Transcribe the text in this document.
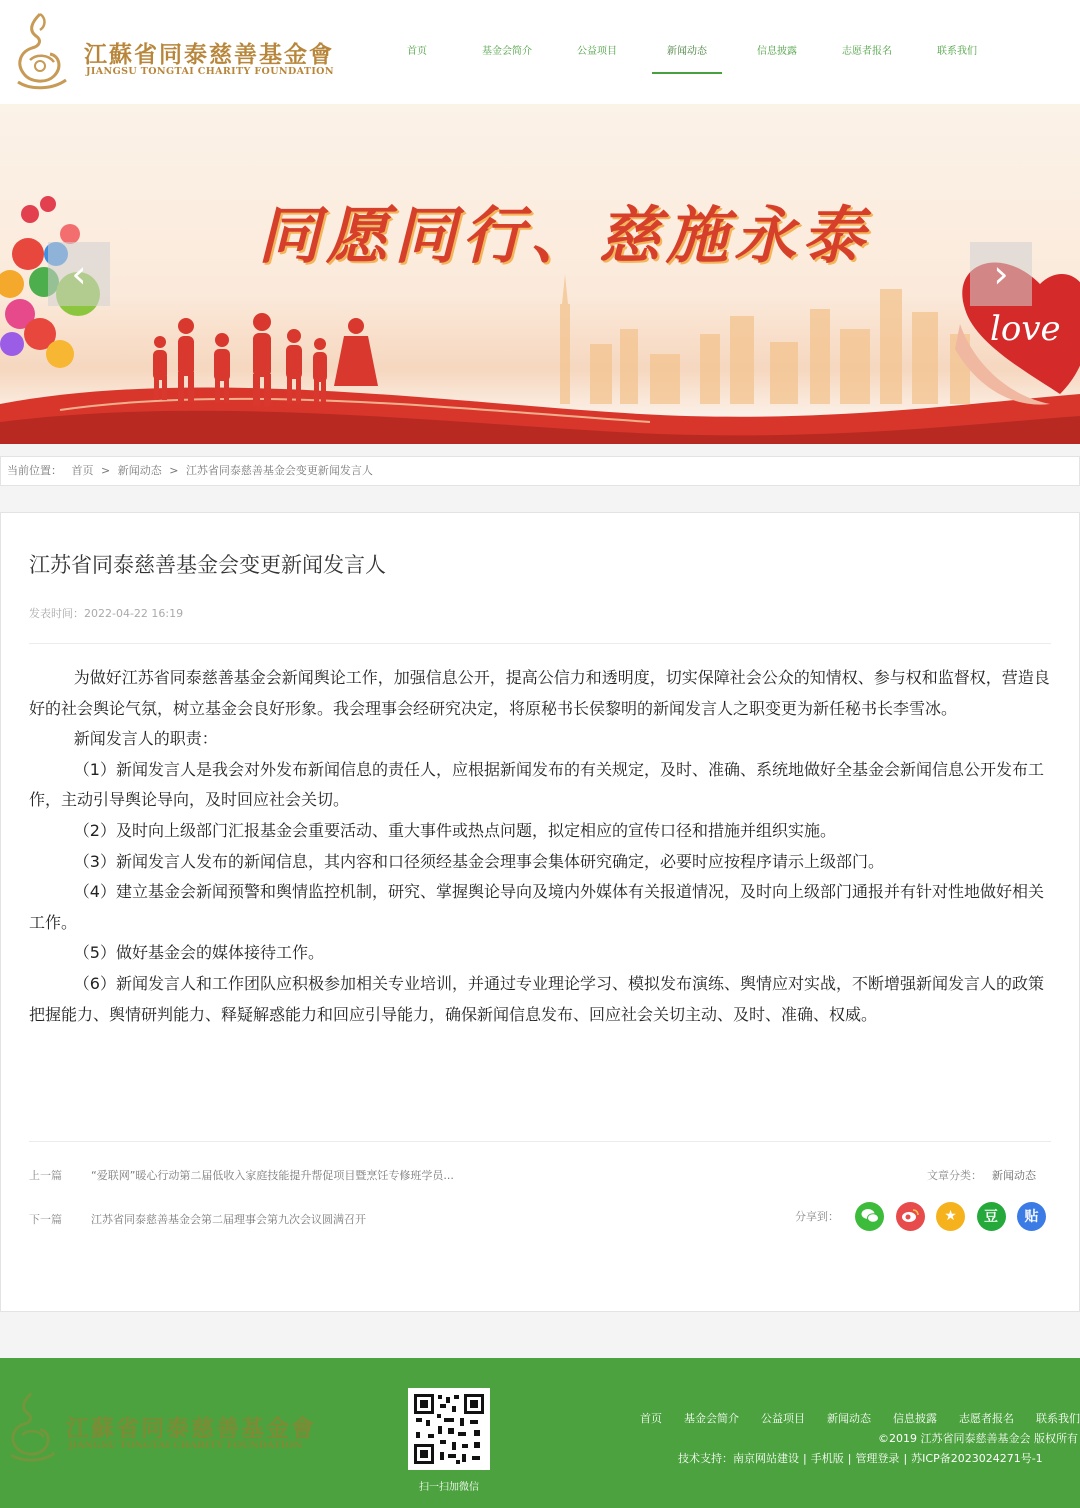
江蘇省同泰慈善基金會
JIANGSU TONGTAI CHARITY FOUNDATION
首页	基金会简介	公益项目	新闻动态	信息披露	志愿者报名	联系我们
同愿同行、慈施永泰
love
‹	›
当前位置： 首页 > 新闻动态 > 江苏省同泰慈善基金会变更新闻发言人
江苏省同泰慈善基金会变更新闻发言人
发表时间：2022-04-22 16:19

为做好江苏省同泰慈善基金会新闻舆论工作，加强信息公开，提高公信力和透明度，切实保障社会公众的知情权、参与权和监督权，营造良好的社会舆论气氛，树立基金会良好形象。我会理事会经研究决定，将原秘书长侯黎明的新闻发言人之职变更为新任秘书长李雪冰。

新闻发言人的职责：

（1）新闻发言人是我会对外发布新闻信息的责任人，应根据新闻发布的有关规定，及时、准确、系统地做好全基金会新闻信息公开发布工作，主动引导舆论导向，及时回应社会关切。

（2）及时向上级部门汇报基金会重要活动、重大事件或热点问题，拟定相应的宣传口径和措施并组织实施。

（3）新闻发言人发布的新闻信息，其内容和口径须经基金会理事会集体研究确定，必要时应按程序请示上级部门。

（4）建立基金会新闻预警和舆情监控机制，研究、掌握舆论导向及境内外媒体有关报道情况，及时向上级部门通报并有针对性地做好相关工作。

（5）做好基金会的媒体接待工作。

（6）新闻发言人和工作团队应积极参加相关专业培训，并通过专业理论学习、模拟发布演练、舆情应对实战，不断增强新闻发言人的政策把握能力、舆情研判能力、释疑解惑能力和回应引导能力，确保新闻信息发布、回应社会关切主动、及时、准确、权威。

上一篇	“爱联网”暖心行动第二届低收入家庭技能提升帮促项目暨烹饪专修班学员...
下一篇	江苏省同泰慈善基金会第二届理事会第九次会议圆满召开
文章分类： 新闻动态
分享到：	★	豆	贴
江蘇省同泰慈善基金會
JIANGSU TONGTAI CHARITY FOUNDATION
扫一扫加微信
首页 基金会简介 公益项目 新闻动态 信息披露 志愿者报名 联系我们
©2019 江苏省同泰慈善基金会 版权所有
技术支持：南京网站建设 | 手机版 | 管理登录 | 苏ICP备2023024271号-1
